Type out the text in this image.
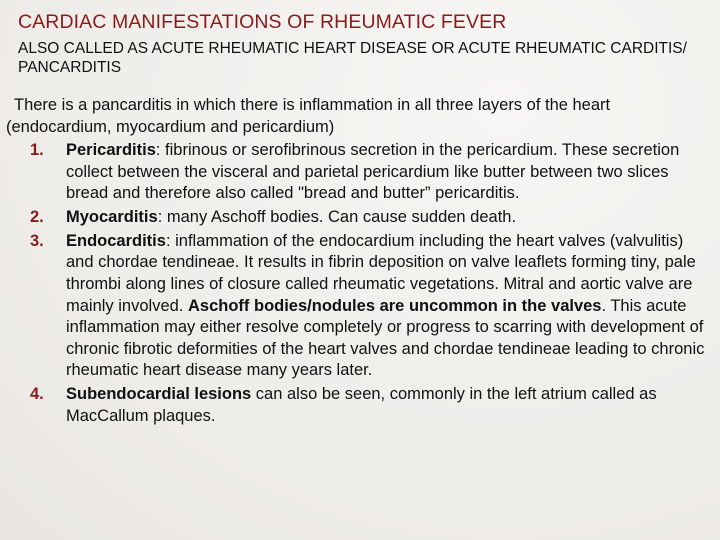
CARDIAC MANIFESTATIONS OF RHEUMATIC FEVER
ALSO CALLED AS ACUTE RHEUMATIC HEART DISEASE OR ACUTE RHEUMATIC CARDITIS/ PANCARDITIS
There is a pancarditis in which there is inflammation in all three layers of the heart (endocardium, myocardium and pericardium)
1. Pericarditis: fibrinous or serofibrinous secretion in the pericardium. These secretion collect between the visceral and parietal pericardium like butter between two slices bread and therefore also called "bread and butter” pericarditis.
2. Myocarditis: many Aschoff bodies. Can cause sudden death.
3. Endocarditis: inflammation of the endocardium including the heart valves (valvulitis) and chordae tendineae. It results in fibrin deposition on valve leaflets forming tiny, pale thrombi along lines of closure called rheumatic vegetations. Mitral and aortic valve are mainly involved. Aschoff bodies/nodules are uncommon in the valves. This acute inflammation may either resolve completely or progress to scarring with development of chronic fibrotic deformities of the heart valves and chordae tendineae leading to chronic rheumatic heart disease many years later.
4. Subendocardial lesions can also be seen, commonly in the left atrium called as MacCallum plaques.
